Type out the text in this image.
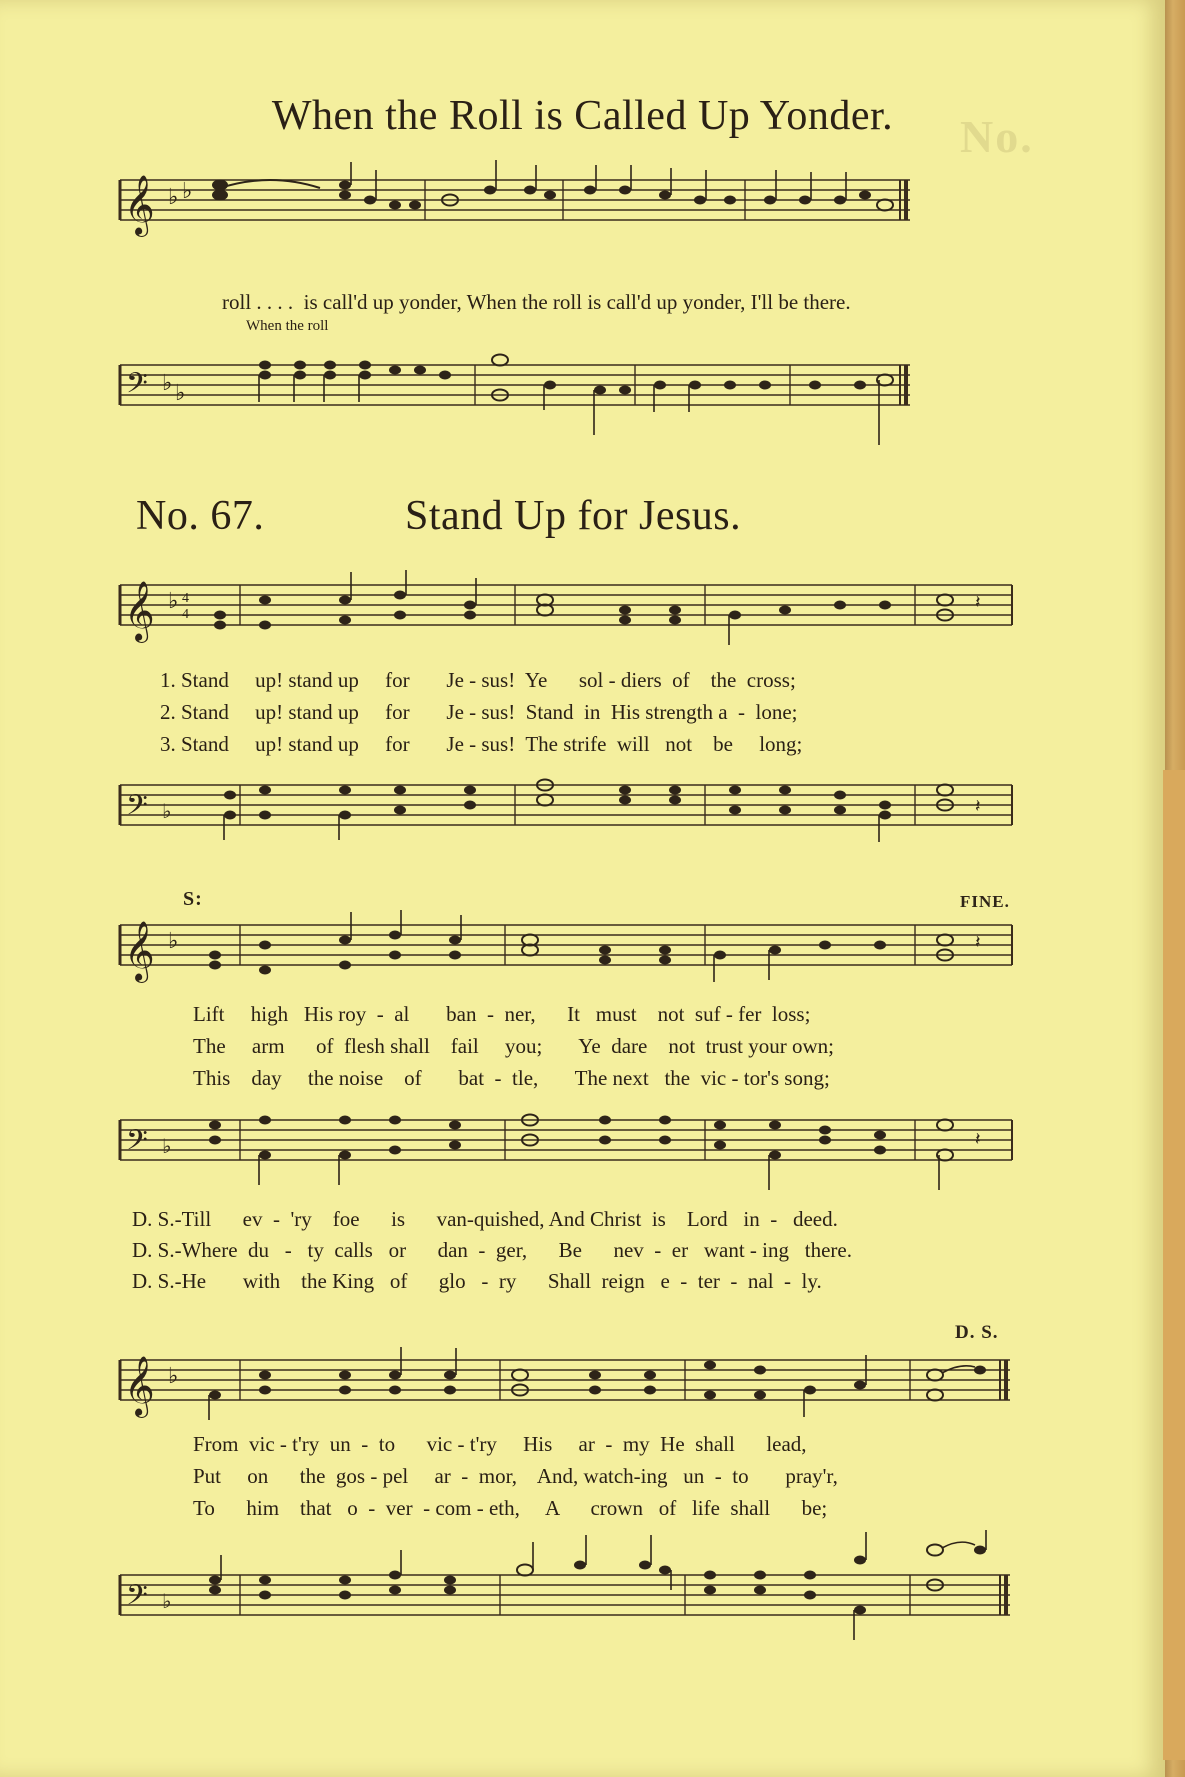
No.
When the Roll is Called Up Yonder.
𝄞 ♭ ♭
roll . . . .  is call'd up yonder, When the roll is call'd up yonder, I'll be there.
When the roll
𝄢 ♭ ♭
No. 67.	Stand Up for Jesus.
𝄞 ♭ 4
4
𝄽
1. Stand     up! stand up     for       Je - sus!  Ye      sol - diers  of    the  cross;
2. Stand     up! stand up     for       Je - sus!  Stand  in  His strength a  -  lone;
3. Stand     up! stand up     for       Je - sus!  The strife  will   not    be     long;
𝄢 ♭	𝄽
S:	FINE.
𝄞 ♭	𝄽
Lift     high   His roy  -  al       ban  -  ner,      It   must    not  suf - fer  loss;
The     arm      of  flesh shall    fail     you;       Ye  dare    not  trust your own;
This    day     the noise    of       bat  -  tle,       The next   the  vic - tor's song;
𝄢 ♭	𝄽
D. S.-Till      ev  -  'ry    foe      is      van-quished, And Christ  is    Lord   in  -   deed.
D. S.-Where  du   -   ty  calls   or      dan  -  ger,      Be      nev  -  er   want - ing   there.
D. S.-He       with    the King   of      glo   -  ry      Shall  reign   e  -  ter  -  nal  -  ly.
D. S.
𝄞 ♭
From  vic - t'ry  un  -  to      vic - t'ry     His     ar  -  my  He  shall      lead,
Put     on      the  gos - pel     ar  -  mor,    And, watch-ing   un  -  to       pray'r,
To      him    that   o  -  ver  - com - eth,     A      crown   of   life  shall      be;
𝄢 ♭
